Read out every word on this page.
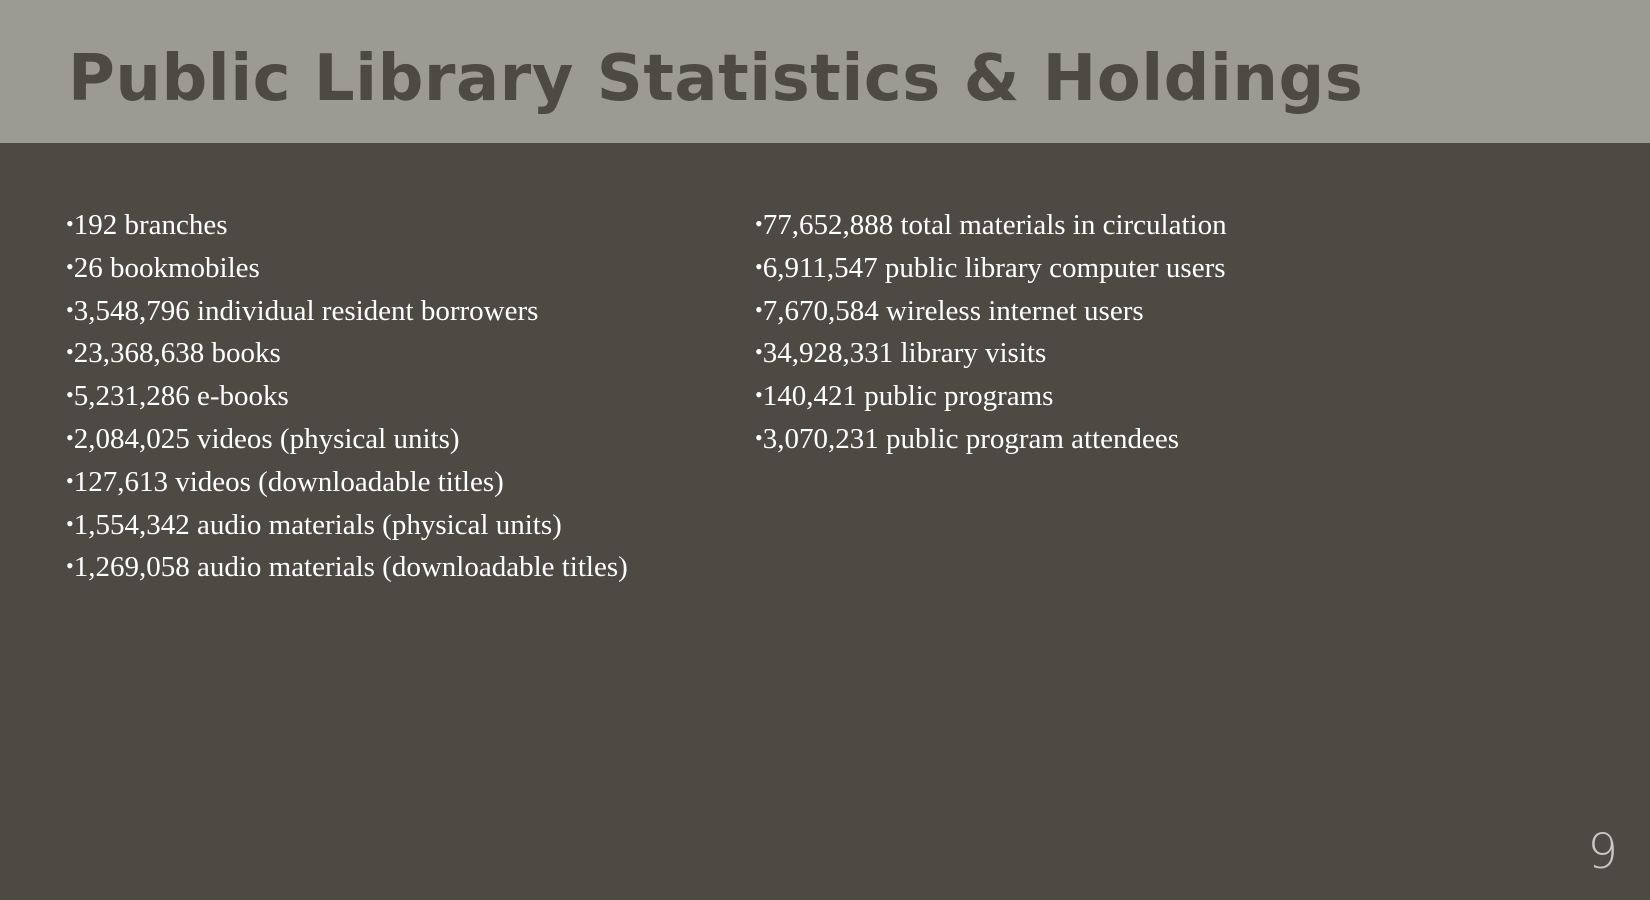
Public Library Statistics & Holdings
• 192 branches
• 26 bookmobiles
• 3,548,796 individual resident borrowers
• 23,368,638 books
• 5,231,286 e-books
• 2,084,025 videos (physical units)
• 127,613 videos (downloadable titles)
• 1,554,342 audio materials (physical units)
• 1,269,058 audio materials (downloadable titles)
• 77,652,888 total materials in circulation
• 6,911,547 public library computer users
• 7,670,584 wireless internet users
• 34,928,331 library visits
• 140,421 public programs
• 3,070,231 public program attendees
9
